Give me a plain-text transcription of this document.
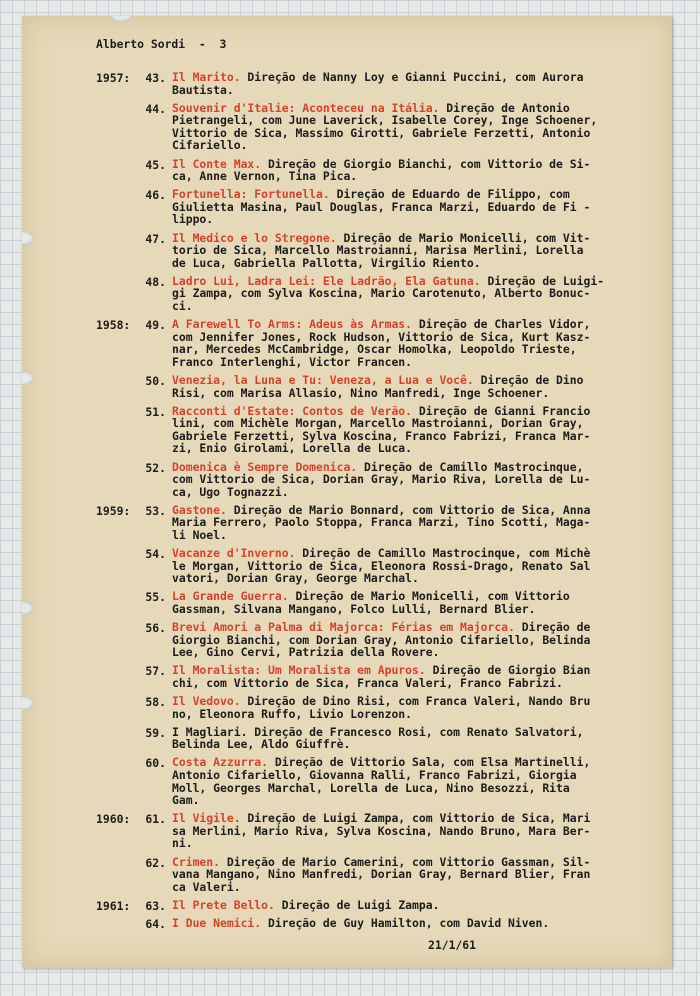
Alberto Sordi  -  3
1957:	43. Il Marito. Direção de Nanny Loy e Gianni Puccini, com Aurora
Bautista.
44. Souvenir d'Italie: Aconteceu na Itália. Direção de Antonio
Pietrangeli, com June Laverick, Isabelle Corey, Inge Schoener,
Vittorio de Sica, Massimo Girotti, Gabriele Ferzetti, Antonio
Cifariello.
45. Il Conte Max. Direção de Giorgio Bianchi, com Vittorio de Si-
ca, Anne Vernon, Tina Pica.
46. Fortunella: Fortunella. Direção de Eduardo de Filippo, com
Giulietta Masina, Paul Douglas, Franca Marzi, Eduardo de Fi -
lippo.
47. Il Medico e lo Stregone. Direção de Mario Monicelli, com Vit-
torio de Sica, Marcello Mastroianni, Marisa Merlini, Lorella
de Luca, Gabriella Pallotta, Virgilio Riento.
48. Ladro Lui, Ladra Lei: Ele Ladrão, Ela Gatuna. Direção de Luigi-
gi Zampa, com Sylva Koscina, Mario Carotenuto, Alberto Bonuc-
ci.
1958:	49. A Farewell To Arms: Adeus às Armas. Direção de Charles Vidor,
com Jennifer Jones, Rock Hudson, Vittorio de Sica, Kurt Kasz-
nar, Mercedes McCambridge, Oscar Homolka, Leopoldo Trieste,
Franco Interlenghi, Victor Francen.
50. Venezia, la Luna e Tu: Veneza, a Lua e Você. Direção de Dino
Risi, com Marisa Allasio, Nino Manfredi, Inge Schoener.
51. Racconti d'Estate: Contos de Verão. Direção de Gianni Francio
lini, com Michèle Morgan, Marcello Mastroianni, Dorian Gray,
Gabriele Ferzetti, Sylva Koscina, Franco Fabrizi, Franca Mar-
zi, Enio Girolami, Lorella de Luca.
52. Domenica è Sempre Domenica. Direção de Camillo Mastrocinque,
com Vittorio de Sica, Dorian Gray, Mario Riva, Lorella de Lu-
ca, Ugo Tognazzi.
1959:	53. Gastone. Direção de Mario Bonnard, com Vittorio de Sica, Anna
Maria Ferrero, Paolo Stoppa, Franca Marzi, Tino Scotti, Maga-
li Noel.
54. Vacanze d'Inverno. Direção de Camillo Mastrocinque, com Michè
le Morgan, Vittorio de Sica, Eleonora Rossi-Drago, Renato Sal
vatori, Dorian Gray, George Marchal.
55. La Grande Guerra. Direção de Mario Monicelli, com Vittorio
Gassman, Silvana Mangano, Folco Lulli, Bernard Blier.
56. Brevi Amori a Palma di Majorca: Férias em Majorca. Direção de
Giorgio Bianchi, com Dorian Gray, Antonio Cifariello, Belinda
Lee, Gino Cervi, Patrizia della Rovere.
57. Il Moralista: Um Moralista em Apuros. Direção de Giorgio Bian
chi, com Vittorio de Sica, Franca Valeri, Franco Fabrizi.
58. Il Vedovo. Direção de Dino Risi, com Franca Valeri, Nando Bru
no, Eleonora Ruffo, Livio Lorenzon.
59. I Magliari. Direção de Francesco Rosi, com Renato Salvatori,
Belinda Lee, Aldo Giuffrè.
60. Costa Azzurra. Direção de Vittorio Sala, com Elsa Martinelli,
Antonio Cifariello, Giovanna Ralli, Franco Fabrizi, Giorgia
Moll, Georges Marchal, Lorella de Luca, Nino Besozzi, Rita
Gam.
1960:	61. Il Vigile. Direção de Luigi Zampa, com Vittorio de Sica, Mari
sa Merlini, Mario Riva, Sylva Koscina, Nando Bruno, Mara Ber-
ni.
62. Crimen. Direção de Mario Camerini, com Vittorio Gassman, Sil-
vana Mangano, Nino Manfredi, Dorian Gray, Bernard Blier, Fran
ca Valeri.
1961:	63. Il Prete Bello. Direção de Luigi Zampa.
64. I Due Nemici. Direção de Guy Hamilton, com David Niven.
21/1/61
